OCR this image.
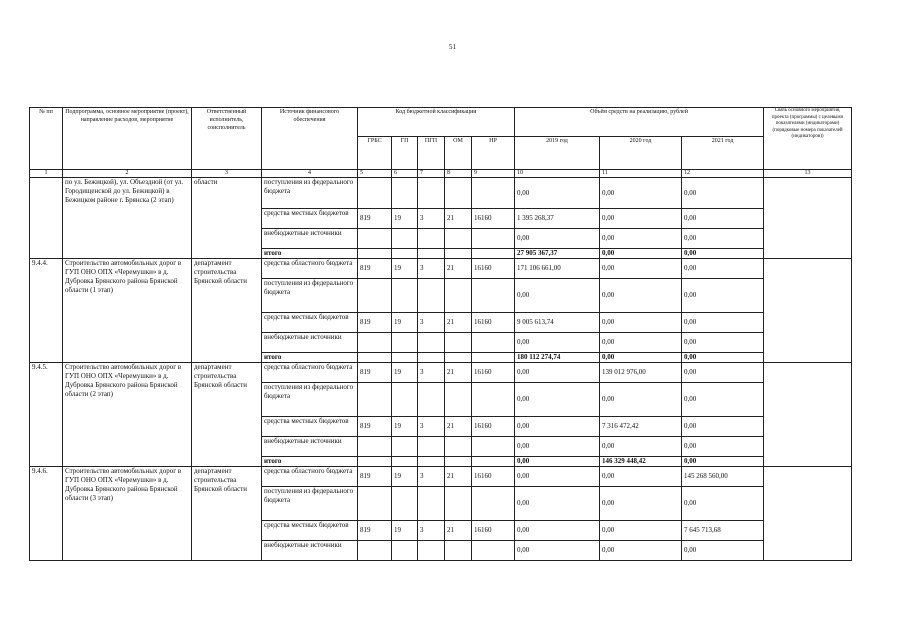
51
№ пп	Подпрограмма, основное мероприятие (проект), направление расходов, мероприятие	Ответственный исполнитель, соисполнитель	Источник финансового обеспечения	Код бюджетной классификации					Объём средств на реализацию, рублей			Связь основного мероприятия, проекта (программы) с целевыми показателями (индикаторами) (порядковые номера показателей (индикаторов))
				ГРБС	ГП	ПГП	ОМ	НР	2019 год	2020 год	2021 год	
1	2	3	4	5	6	7	8	9	10	11	12	13
	по ул. Бежицкой), ул. Объездной (от ул. Городищенской до ул. Бежицкой) в Бежицком районе г. Брянска (2 этап)	области	поступления из федерального бюджета						0,00	0,00	0,00	
			средства местных бюджетов	819	19	3	21	16160	1 395 268,37	0,00	0,00	
			внебюджетные источники						0,00	0,00	0,00	
			итого						27 905 367,37	0,00	0,00	
9.4.4.	Строительство автомобильных дорог в ГУП ОНО ОПХ «Черемушки» в д. Дубровка Брянского района Брянской области (1 этап)	департамент строительства Брянской области	средства областного бюджета	819	19	3	21	16160	171 106 661,00	0,00	0,00	
			поступления из федерального бюджета						0,00	0,00	0,00	
			средства местных бюджетов	819	19	3	21	16160	9 005 613,74	0,00	0,00	
			внебюджетные источники						0,00	0,00	0,00	
			итого						180 112 274,74	0,00	0,00	
9.4.5.	Строительство автомобильных дорог в ГУП ОНО ОПХ «Черемушки» в д. Дубровка Брянского района Брянской области (2 этап)	департамент строительства Брянской области	средства областного бюджета	819	19	3	21	16160	0,00	139 012 976,00	0,00	
			поступления из федерального бюджета						0,00	0,00	0,00	
			средства местных бюджетов	819	19	3	21	16160	0,00	7 316 472,42	0,00	
			внебюджетные источники						0,00	0,00	0,00	
			итого						0,00	146 329 448,42	0,00	
9.4.6.	Строительство автомобильных дорог в ГУП ОНО ОПХ «Черемушки» в д. Дубровка Брянского района Брянской области (3 этап)	департамент строительства Брянской области	средства областного бюджета	819	19	3	21	16160	0,00	0,00	145 268 560,00	
			поступления из федерального бюджета						0,00	0,00	0,00	
			средства местных бюджетов	819	19	3	21	16160	0,00	0,00	7 645 713,68	
			внебюджетные источники						0,00	0,00	0,00	
